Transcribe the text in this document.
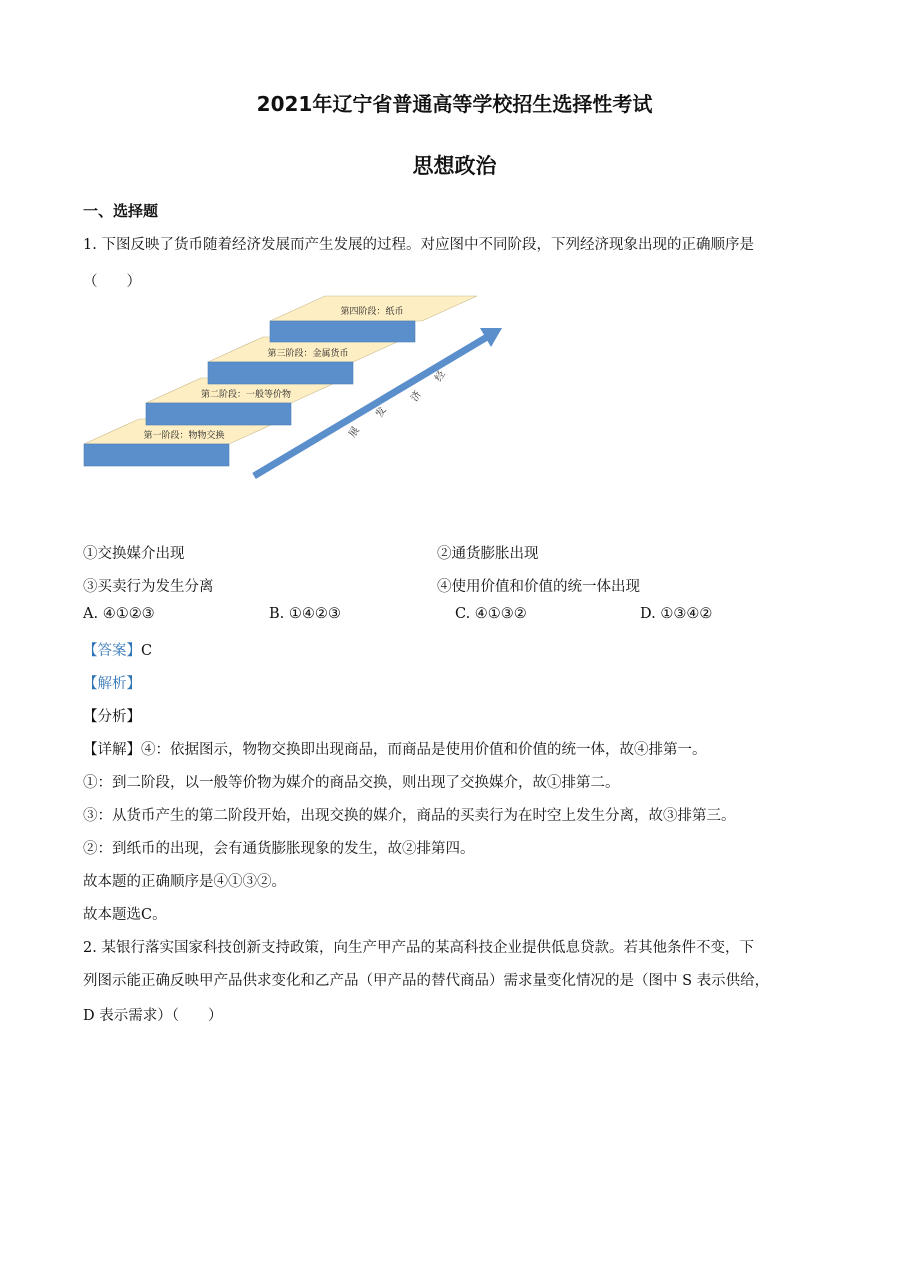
2021年辽宁省普通高等学校招生选择性考试
思想政治
一、选择题
1. 下图反映了货币随着经济发展而产生发展的过程。对应图中不同阶段，下列经济现象出现的正确顺序是
（　　）
第一阶段：物物交换
第二阶段：一般等价物
第三阶段：金属货币
第四阶段：纸币
经
济
发
展
①交换媒介出现	②通货膨胀出现
③买卖行为发生分离	④使用价值和价值的统一体出现
A. ④①②③	B. ①④②③	C. ④①③②	D. ①③④②
【答案】C
【解析】
【分析】
【详解】④：依据图示，物物交换即出现商品，而商品是使用价值和价值的统一体，故④排第一。
①：到二阶段，以一般等价物为媒介的商品交换，则出现了交换媒介，故①排第二。
③：从货币产生的第二阶段开始，出现交换的媒介，商品的买卖行为在时空上发生分离，故③排第三。
②：到纸币的出现，会有通货膨胀现象的发生，故②排第四。
故本题的正确顺序是④①③②。
故本题选C。
2. 某银行落实国家科技创新支持政策，向生产甲产品的某高科技企业提供低息贷款。若其他条件不变，下
列图示能正确反映甲产品供求变化和乙产品（甲产品的替代商品）需求量变化情况的是（图中 S 表示供给，
D 表示需求）（　　）
